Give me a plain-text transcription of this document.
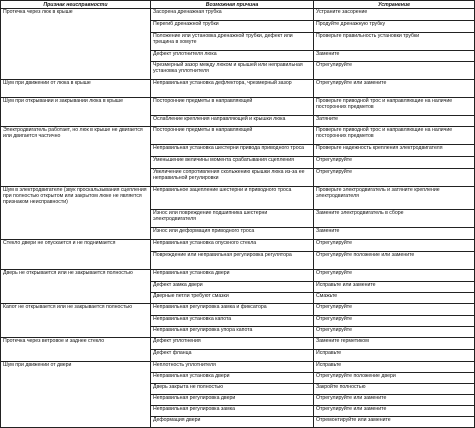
Признак неисправности	Возможная причина	Устранение
Протечка через люк в крыше	Засорена дренажная трубка	Устраните засорение
	Перегиб дренажной трубки	Продуйте дренажную трубку
	Положение или установка дренажной трубки, дефект или трещина в хомуте	Проверьте правильность установки трубки
	Дефект уплотнителя люка	Замените
	Чрезмерный зазор между люком и крышей или неправильная установка уплотнителя	Отрегулируйте
Шум при движении от люка в крыше	Неправильная установка дефлектора, чрезмерный зазор	Отрегулируйте или замените
Шум при открывании и закрывании люка в крыше	Посторонние предметы в направляющей	Проверьте приводной трос и направляющие на наличие посторонних предметов
	Ослабление крепления направляющей и крышки люка	Затяните
Электродвигатель работает, но люк в крыше не двигается или двигается частично	Посторонние предметы в направляющей	Проверьте приводной трос и направляющие на наличие посторонних предметов
	Неправильная установка шестерни привода приводного троса	Проверьте надежность крепления электродвигателя
	Уменьшение величины момента срабатывания сцепления	Отрегулируйте
	Увеличение сопротивления скольжению крышки люка из-за ее неправильной регулировки	Отрегулируйте
Шум в электродвигателе (звук проскальзывания сцепления при полностью открытом или закрытом люке не является признаком неисправности)	Неправильное зацепление шестерни и приводного троса	Проверьте электродвигатель и затяните крепление электродвигателя
	Износ или повреждение подшипника шестерни электродвигателя	Замените электродвигатель в сборе
	Износ или деформация приводного троса	Замените
Стекло двери не опускается и не поднимается	Неправильная установка опускного стекла	Отрегулируйте
	Повреждение или неправильная регулировка регулятора	Отрегулируйте положение или замените
Дверь не открывается или не закрывается полностью	Неправильная установка двери	Отрегулируйте
	Дефект замка двери	Исправьте или замените
	Дверные петли требуют смазки	Смажьте
Капот не открывается или не закрывается полностью	Неправильная регулировка замка и фиксатора	Отрегулируйте
	Неправильная установка капота	Отрегулируйте
	Неправильная регулировка упора капота	Отрегулируйте
Протечка через ветровое и заднее стекло	Дефект уплотнения	Замените герметиком
	Дефект фланца	Исправьте
Шум при движении от двери	Неплотность уплотнителя	Исправьте
	Неправильная установка двери	Отрегулируйте положение двери
	Дверь закрыта не полностью	Закройте полностью
	Неправильная регулировка двери	Отрегулируйте или замените
	Неправильная регулировка замка	Отрегулируйте или замените
	Деформация двери	Отремонтируйте или замените
